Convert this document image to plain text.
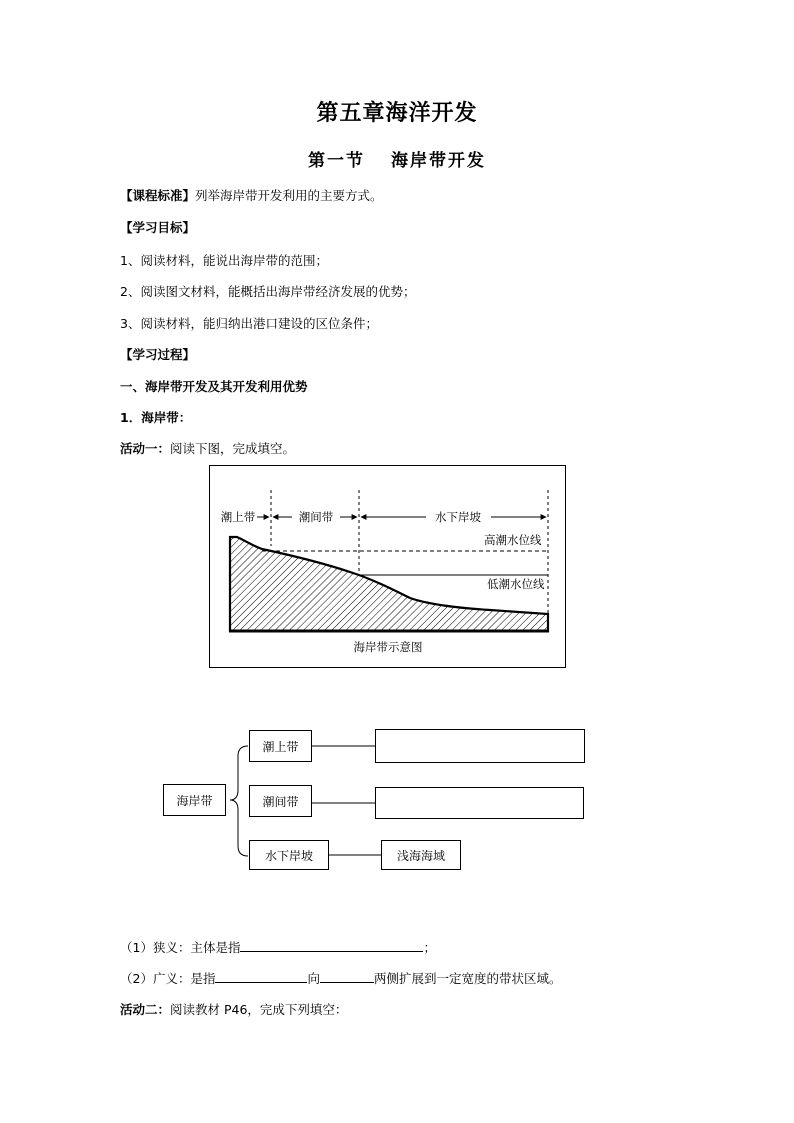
第五章海洋开发
第一节 海岸带开发
【课程标准】列举海岸带开发利用的主要方式。
【学习目标】
1、阅读材料，能说出海岸带的范围；
2、阅读图文材料，能概括出海岸带经济发展的优势；
3、阅读材料，能归纳出港口建设的区位条件；
【学习过程】
一、海岸带开发及其开发利用优势
1．海岸带：
活动一：阅读下图，完成填空。
潮上带	潮间带	水下岸坡
高潮水位线
低潮水位线
海岸带示意图
海岸带
潮上带
潮间带
水下岸坡	浅海海域
（1）狭义：主体是指	；
（2）广义：是指	向	两侧扩展到一定宽度的带状区域。
活动二：阅读教材 P46，完成下列填空：
